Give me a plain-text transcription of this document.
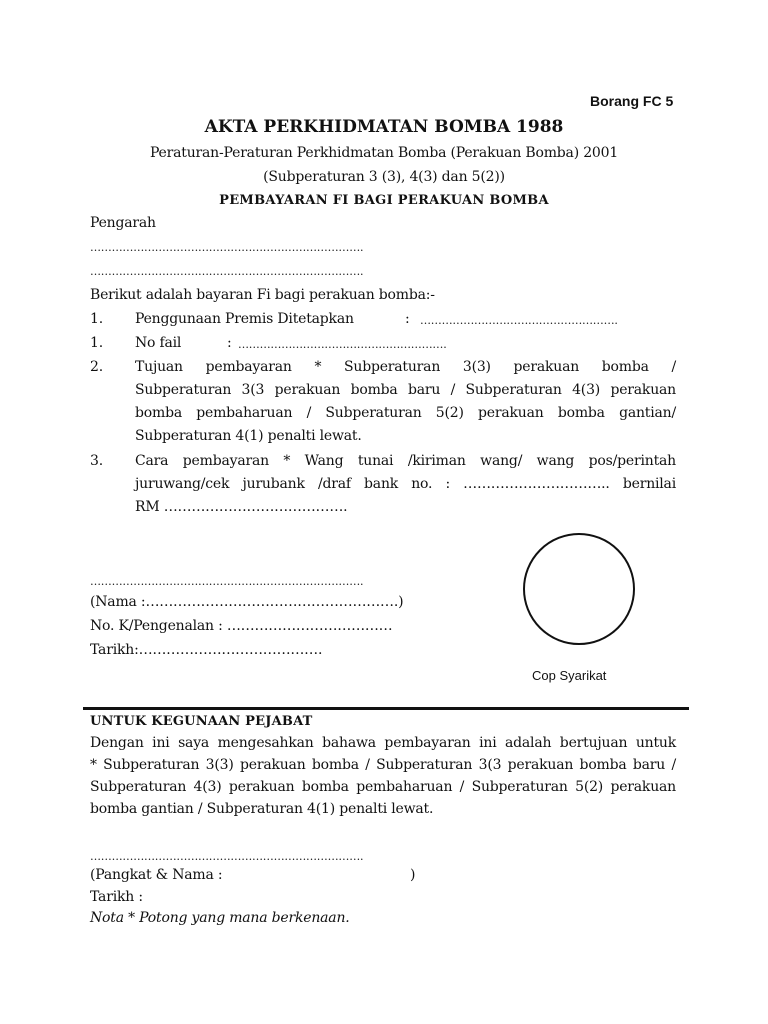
Borang FC 5
AKTA PERKHIDMATAN BOMBA 1988
Peraturan-Peraturan Perkhidmatan Bomba (Perakuan Bomba) 2001
(Subperaturan 3 (3), 4(3) dan 5(2))
PEMBAYARAN FI BAGI PERAKUAN BOMBA
Pengarah
………………………………………………………………….
………………………………………………………………….
Berikut adalah bayaran Fi bagi perakuan bomba:-
1. Penggunaan Premis Ditetapkan	: ……………………………………………….
1. No fail	: ………………………………………………….
2. Tujuan pembayaran * Subperaturan 3(3) perakuan bomba /
Subperaturan 3(3 perakuan bomba baru / Subperaturan 4(3) perakuan
bomba pembaharuan / Subperaturan 5(2) perakuan bomba gantian/
Subperaturan 4(1) penalti lewat.
3. Cara pembayaran * Wang tunai /kiriman wang/ wang pos/perintah
juruwang/cek jurubank /draf bank no. : ………………………….. bernilai
RM ………………………………….
………………………………………………………………….
(Nama :……………………………………………….)
No. K/Pengenalan : ………………………………
Tarikh:………………………………….
Cop Syarikat
UNTUK KEGUNAAN PEJABAT
Dengan ini saya mengesahkan bahawa pembayaran ini adalah bertujuan untuk
* Subperaturan 3(3) perakuan bomba / Subperaturan 3(3 perakuan bomba baru /
Subperaturan 4(3) perakuan bomba pembaharuan / Subperaturan 5(2) perakuan
bomba gantian / Subperaturan 4(1) penalti lewat.
………………………………………………………………….
(Pangkat & Nama :	)
Tarikh :
Nota * Potong yang mana berkenaan.
